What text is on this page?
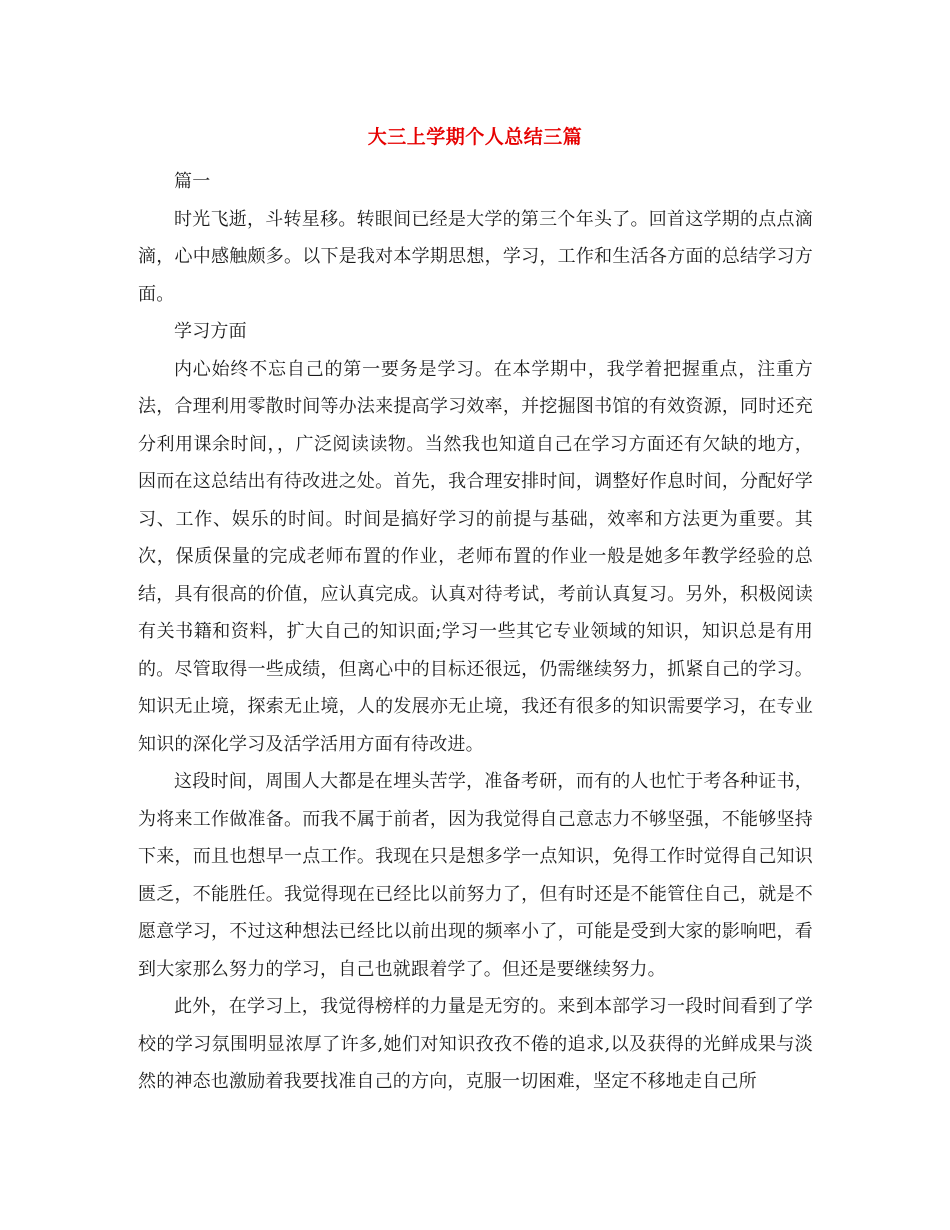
大三上学期个人总结三篇

篇一

时光飞逝，斗转星移。转眼间已经是大学的第三个年头了。回首这学期的点点滴滴，心中感触颇多。以下是我对本学期思想，学习，工作和生活各方面的总结学习方面。

学习方面

内心始终不忘自己的第一要务是学习。在本学期中，我学着把握重点，注重方法，合理利用零散时间等办法来提高学习效率，并挖掘图书馆的有效资源，同时还充分利用课余时间，，广泛阅读读物。当然我也知道自己在学习方面还有欠缺的地方，因而在这总结出有待改进之处。首先，我合理安排时间，调整好作息时间，分配好学习、工作、娱乐的时间。时间是搞好学习的前提与基础，效率和方法更为重要。其次，保质保量的完成老师布置的作业，老师布置的作业一般是她多年教学经验的总结，具有很高的价值，应认真完成。认真对待考试，考前认真复习。另外，积极阅读有关书籍和资料，扩大自己的知识面;学习一些其它专业领域的知识，知识总是有用的。尽管取得一些成绩，但离心中的目标还很远，仍需继续努力，抓紧自己的学习。知识无止境，探索无止境，人的发展亦无止境，我还有很多的知识需要学习，在专业知识的深化学习及活学活用方面有待改进。

这段时间，周围人大都是在埋头苦学，准备考研，而有的人也忙于考各种证书，为将来工作做准备。而我不属于前者，因为我觉得自己意志力不够坚强，不能够坚持下来，而且也想早一点工作。我现在只是想多学一点知识，免得工作时觉得自己知识匮乏，不能胜任。我觉得现在已经比以前努力了，但有时还是不能管住自己，就是不愿意学习，不过这种想法已经比以前出现的频率小了，可能是受到大家的影响吧，看到大家那么努力的学习，自己也就跟着学了。但还是要继续努力。

此外，在学习上，我觉得榜样的力量是无穷的。来到本部学习一段时间看到了学校的学习氛围明显浓厚了许多,她们对知识孜孜不倦的追求,以及获得的光鲜成果与淡然的神态也激励着我要找准自己的方向，克服一切困难，坚定不移地走自己所
